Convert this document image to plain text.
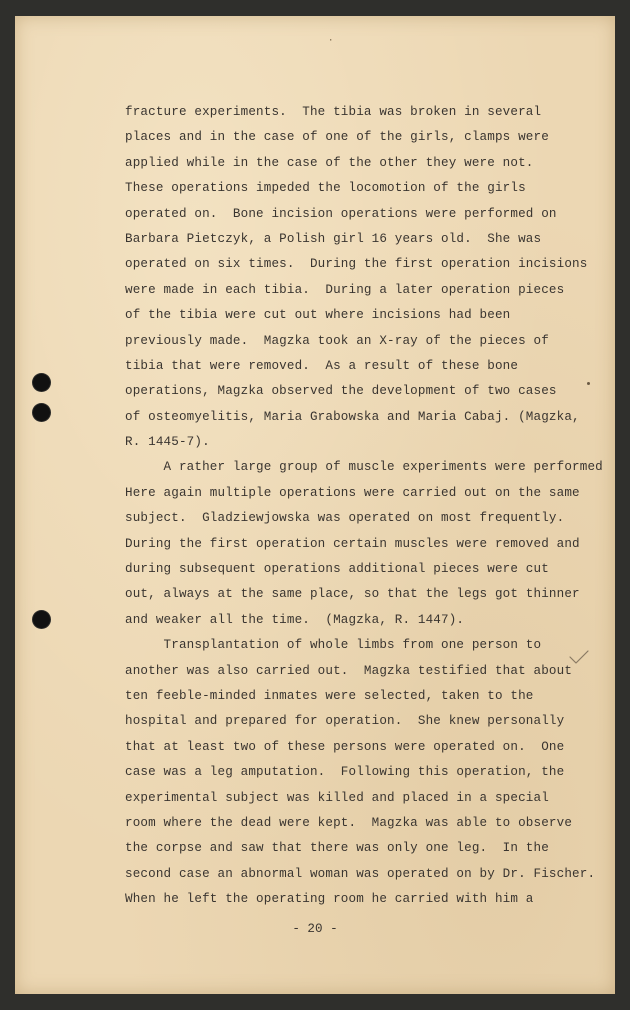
·
fracture experiments.  The tibia was broken in several
places and in the case of one of the girls, clamps were
applied while in the case of the other they were not.
These operations impeded the locomotion of the girls
operated on.  Bone incision operations were performed on
Barbara Pietczyk, a Polish girl 16 years old.  She was
operated on six times.  During the first operation incisions
were made in each tibia.  During a later operation pieces
of the tibia were cut out where incisions had been
previously made.  Magzka took an X-ray of the pieces of
tibia that were removed.  As a result of these bone
operations, Magzka observed the development of two cases
of osteomyelitis, Maria Grabowska and Maria Cabaj. (Magzka,
R. 1445-7).
A rather large group of muscle experiments were performed
Here again multiple operations were carried out on the same
subject.  Gladziewjowska was operated on most frequently.
During the first operation certain muscles were removed and
during subsequent operations additional pieces were cut
out, always at the same place, so that the legs got thinner
and weaker all the time.  (Magzka, R. 1447).
Transplantation of whole limbs from one person to
another was also carried out.  Magzka testified that about
ten feeble-minded inmates were selected, taken to the
hospital and prepared for operation.  She knew personally
that at least two of these persons were operated on.  One
case was a leg amputation.  Following this operation, the
experimental subject was killed and placed in a special
room where the dead were kept.  Magzka was able to observe
the corpse and saw that there was only one leg.  In the
second case an abnormal woman was operated on by Dr. Fischer.
When he left the operating room he carried with him a
- 20 -
